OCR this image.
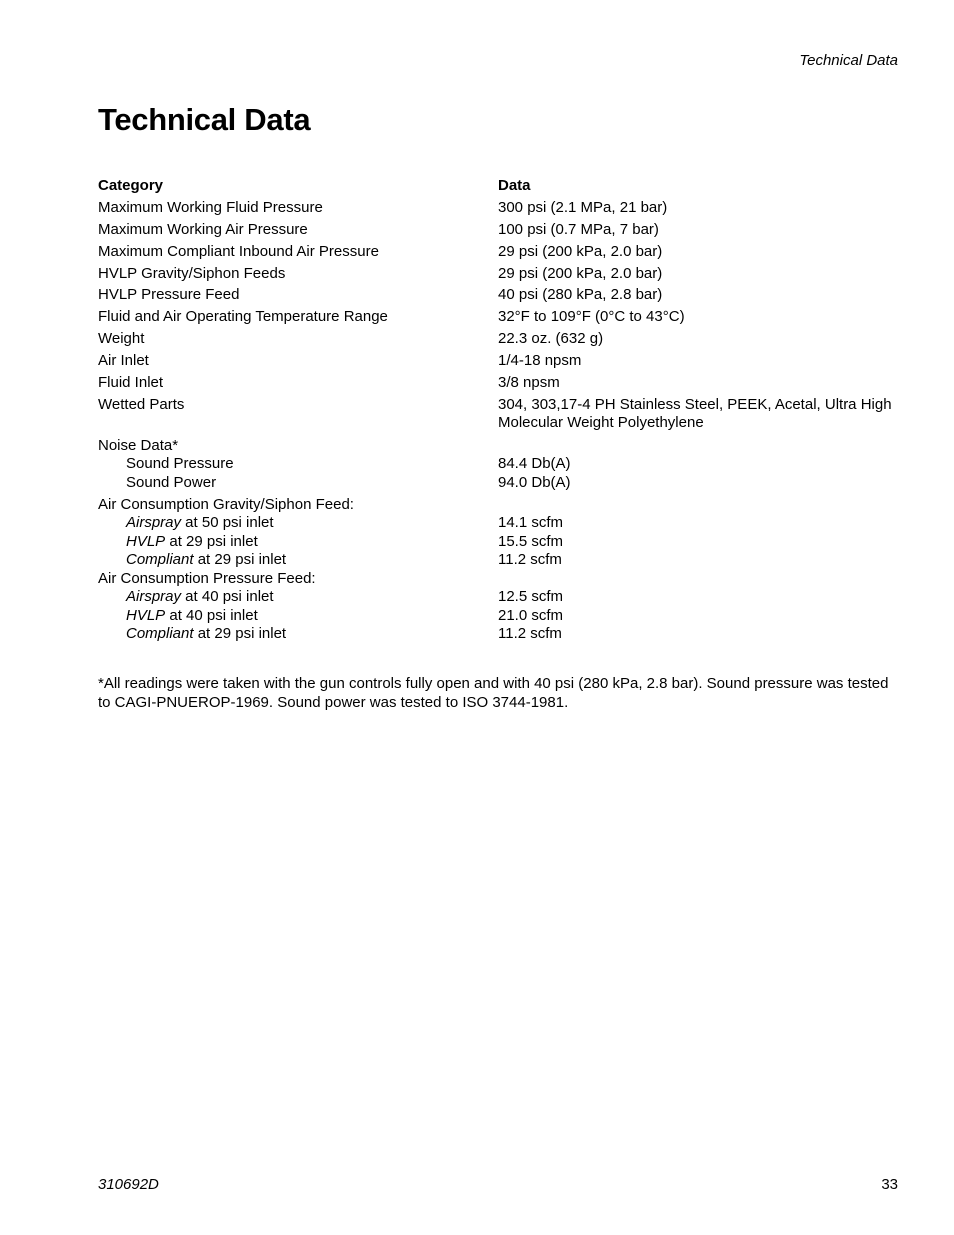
Technical Data
Technical Data
Category	Data
Maximum Working Fluid Pressure	300 psi (2.1 MPa, 21 bar)
Maximum Working Air Pressure	100 psi (0.7 MPa, 7 bar)
Maximum Compliant Inbound Air Pressure	29 psi (200 kPa, 2.0 bar)
HVLP Gravity/Siphon Feeds	29 psi (200 kPa, 2.0 bar)
HVLP Pressure Feed	40 psi (280 kPa, 2.8 bar)
Fluid and Air Operating Temperature Range	32°F to 109°F (0°C to 43°C)
Weight	22.3 oz. (632 g)
Air Inlet	1/4-18 npsm
Fluid Inlet	3/8 npsm
Wetted Parts	304, 303,17-4 PH Stainless Steel, PEEK, Acetal, Ultra High Molecular Weight Polyethylene
Noise Data*
Sound Pressure	84.4 Db(A)
Sound Power	94.0 Db(A)
Air Consumption Gravity/Siphon Feed:
Airspray at 50 psi inlet	14.1 scfm
HVLP at 29 psi inlet	15.5 scfm
Compliant at 29 psi inlet	11.2 scfm
Air Consumption Pressure Feed:
Airspray at 40 psi inlet	12.5 scfm
HVLP at 40 psi inlet	21.0 scfm
Compliant at 29 psi inlet	11.2 scfm

*All readings were taken with the gun controls fully open and with 40 psi (280 kPa, 2.8 bar). Sound pressure was tested to CAGI-PNUEROP-1969. Sound power was tested to ISO 3744-1981.

310692D	33
